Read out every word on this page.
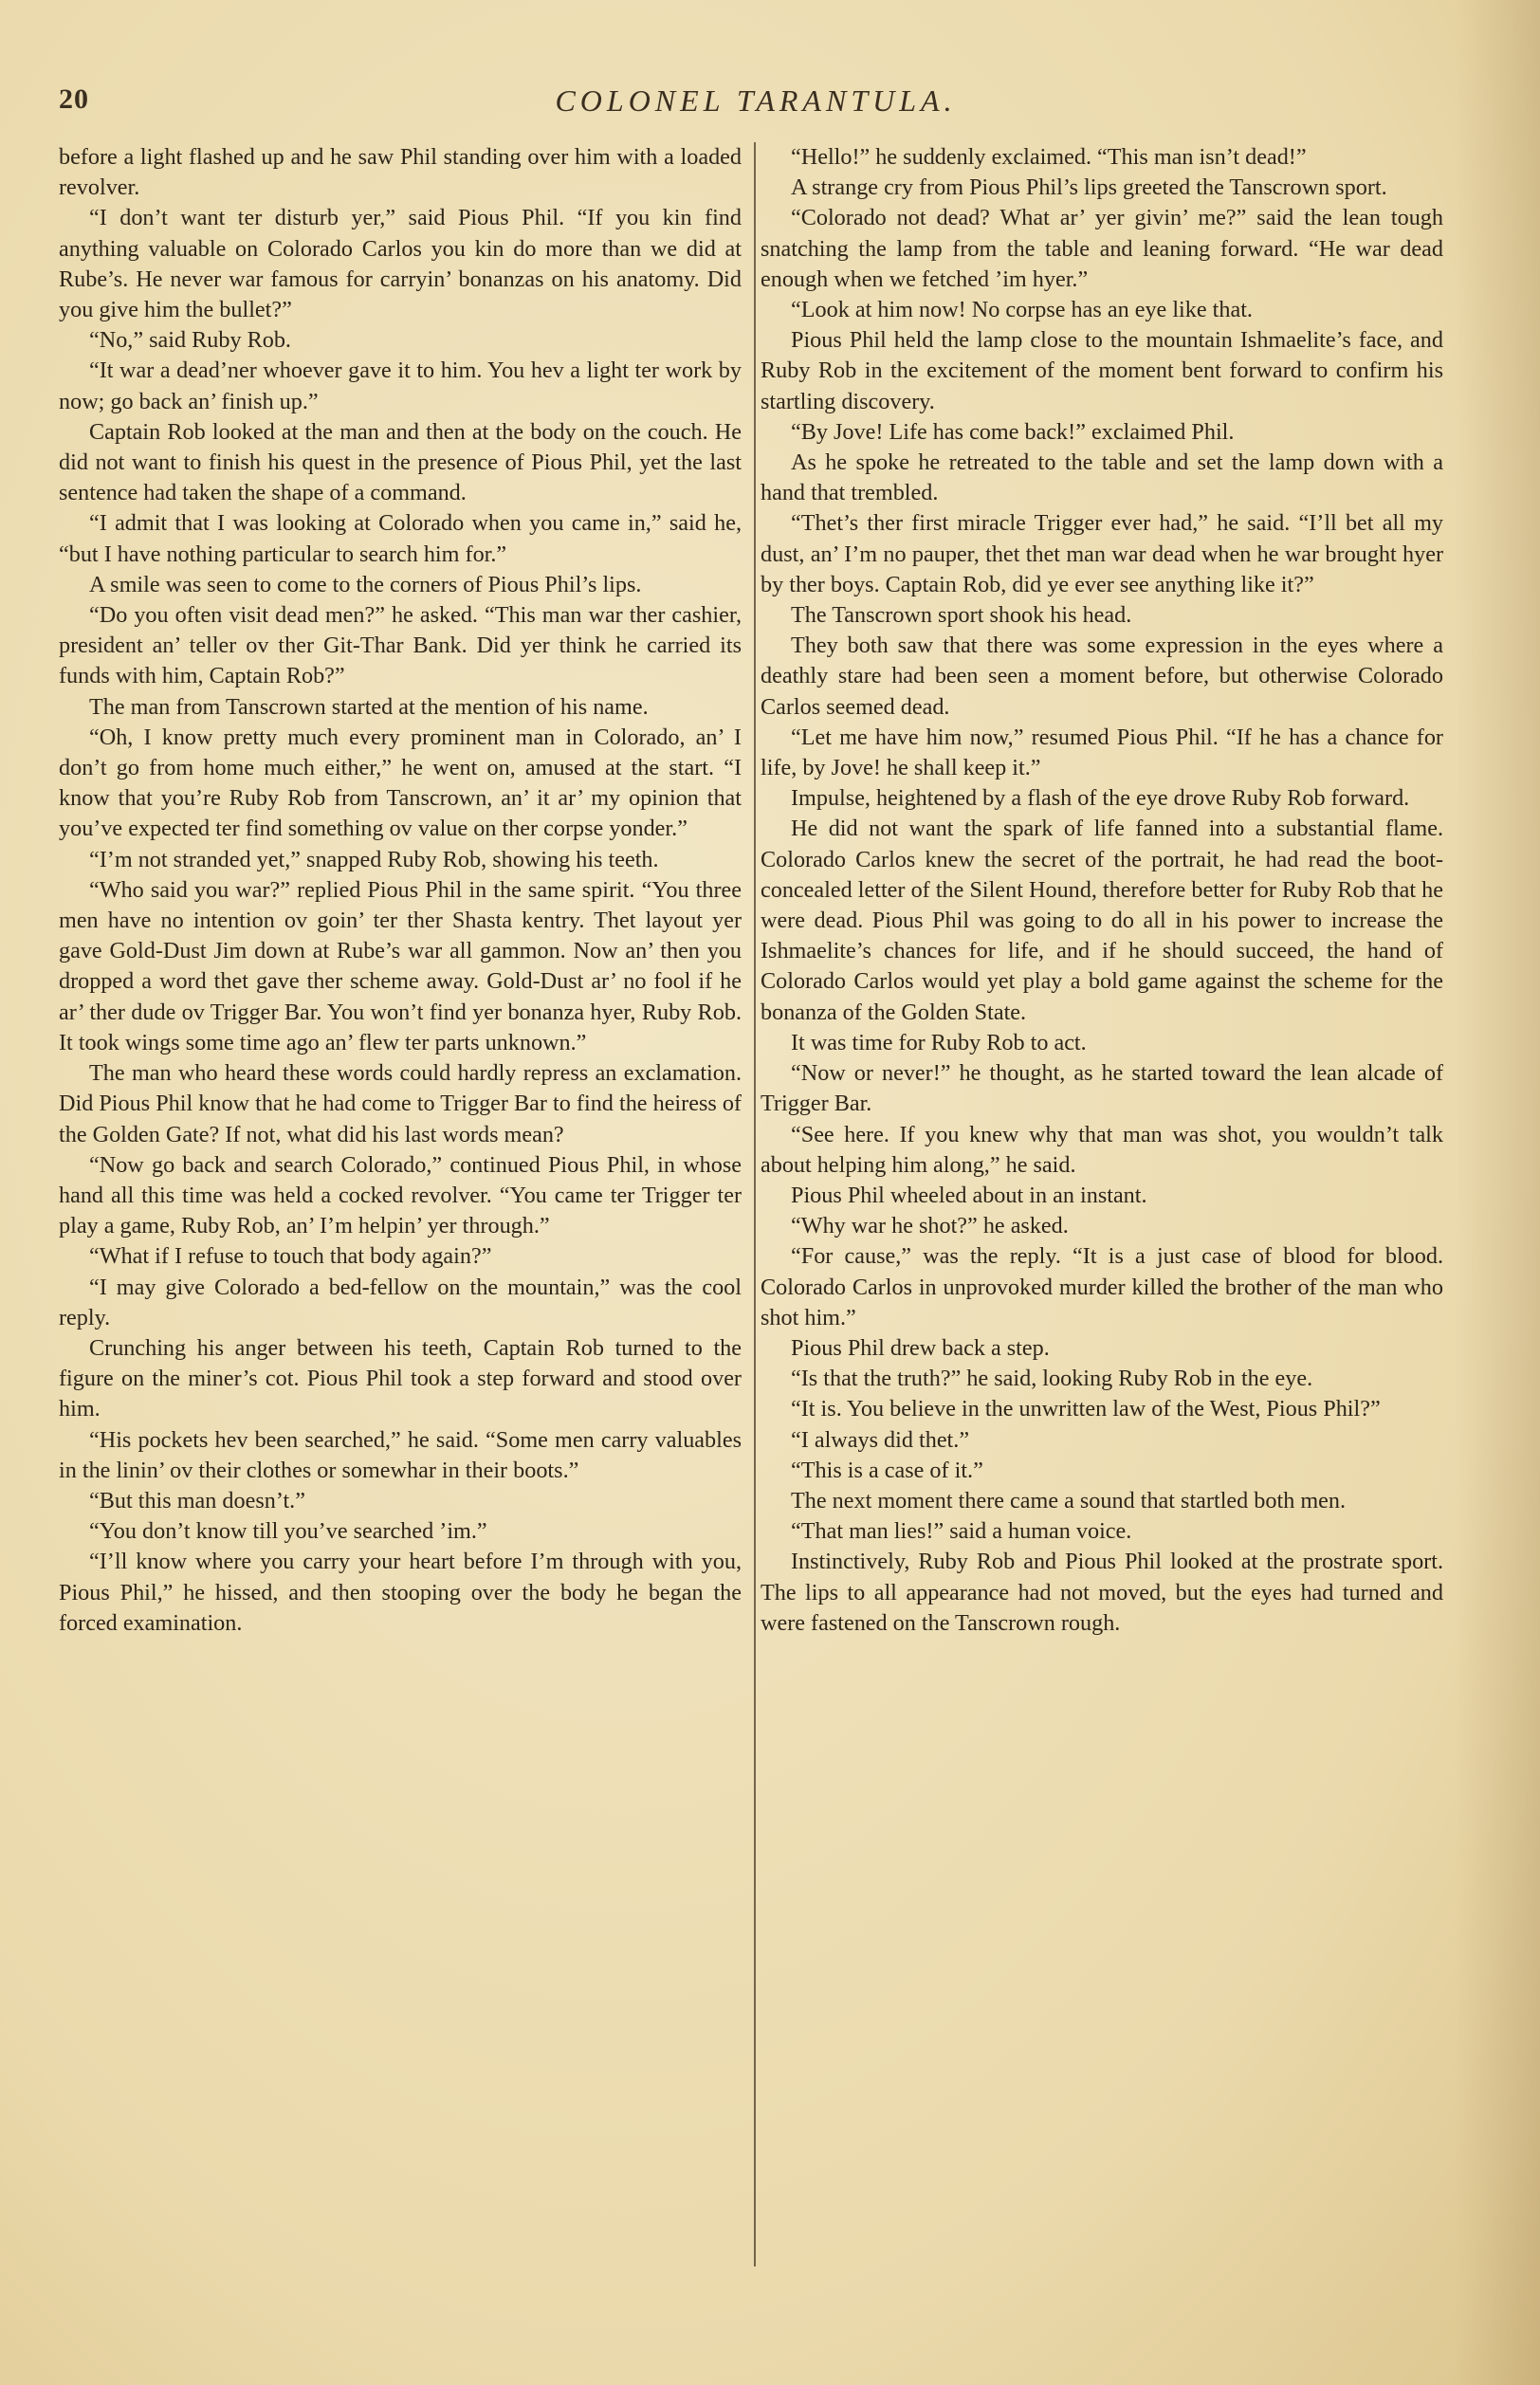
20	COLONEL TARANTULA.

before a light flashed up and he saw Phil standing over him with a loaded revolver.

“I don’t want ter disturb yer,” said Pious Phil. “If you kin find anything valuable on Colorado Carlos you kin do more than we did at Rube’s. He never war famous for carryin’ bonanzas on his anatomy. Did you give him the bullet?”

“No,” said Ruby Rob.

“It war a dead’ner whoever gave it to him. You hev a light ter work by now; go back an’ finish up.”

Captain Rob looked at the man and then at the body on the couch. He did not want to finish his quest in the presence of Pious Phil, yet the last sentence had taken the shape of a command.

“I admit that I was looking at Colorado when you came in,” said he, “but I have nothing particular to search him for.”

A smile was seen to come to the corners of Pious Phil’s lips.

“Do you often visit dead men?” he asked. “This man war ther cashier, president an’ teller ov ther Git-Thar Bank. Did yer think he carried its funds with him, Captain Rob?”

The man from Tanscrown started at the mention of his name.

“Oh, I know pretty much every prominent man in Colorado, an’ I don’t go from home much either,” he went on, amused at the start. “I know that you’re Ruby Rob from Tanscrown, an’ it ar’ my opinion that you’ve expected ter find something ov value on ther corpse yonder.”

“I’m not stranded yet,” snapped Ruby Rob, showing his teeth.

“Who said you war?” replied Pious Phil in the same spirit. “You three men have no intention ov goin’ ter ther Shasta kentry. Thet layout yer gave Gold-Dust Jim down at Rube’s war all gammon. Now an’ then you dropped a word thet gave ther scheme away. Gold-Dust ar’ no fool if he ar’ ther dude ov Trigger Bar. You won’t find yer bonanza hyer, Ruby Rob. It took wings some time ago an’ flew ter parts unknown.”

The man who heard these words could hardly repress an exclamation. Did Pious Phil know that he had come to Trigger Bar to find the heiress of the Golden Gate? If not, what did his last words mean?

“Now go back and search Colorado,” continued Pious Phil, in whose hand all this time was held a cocked revolver. “You came ter Trigger ter play a game, Ruby Rob, an’ I’m helpin’ yer through.”

“What if I refuse to touch that body again?”

“I may give Colorado a bed-fellow on the mountain,” was the cool reply.

Crunching his anger between his teeth, Captain Rob turned to the figure on the miner’s cot. Pious Phil took a step forward and stood over him.

“His pockets hev been searched,” he said. “Some men carry valuables in the linin’ ov their clothes or somewhar in their boots.”

“But this man doesn’t.”

“You don’t know till you’ve searched ’im.”

“I’ll know where you carry your heart before I’m through with you, Pious Phil,” he hissed, and then stooping over the body he began the forced examination.

“Hello!” he suddenly exclaimed. “This man isn’t dead!”

A strange cry from Pious Phil’s lips greeted the Tanscrown sport.

“Colorado not dead? What ar’ yer givin’ me?” said the lean tough snatching the lamp from the table and leaning forward. “He war dead enough when we fetched ’im hyer.”

“Look at him now! No corpse has an eye like that.

Pious Phil held the lamp close to the mountain Ishmaelite’s face, and Ruby Rob in the excitement of the moment bent forward to confirm his startling discovery.

“By Jove! Life has come back!” exclaimed Phil.

As he spoke he retreated to the table and set the lamp down with a hand that trembled.

“Thet’s ther first miracle Trigger ever had,” he said. “I’ll bet all my dust, an’ I’m no pauper, thet thet man war dead when he war brought hyer by ther boys. Captain Rob, did ye ever see anything like it?”

The Tanscrown sport shook his head.

They both saw that there was some expression in the eyes where a deathly stare had been seen a moment before, but otherwise Colorado Carlos seemed dead.

“Let me have him now,” resumed Pious Phil. “If he has a chance for life, by Jove! he shall keep it.”

Impulse, heightened by a flash of the eye drove Ruby Rob forward.

He did not want the spark of life fanned into a substantial flame. Colorado Carlos knew the secret of the portrait, he had read the boot-concealed letter of the Silent Hound, therefore better for Ruby Rob that he were dead. Pious Phil was going to do all in his power to increase the Ishmaelite’s chances for life, and if he should succeed, the hand of Colorado Carlos would yet play a bold game against the scheme for the bonanza of the Golden State.

It was time for Ruby Rob to act.

“Now or never!” he thought, as he started toward the lean alcade of Trigger Bar.

“See here. If you knew why that man was shot, you wouldn’t talk about helping him along,” he said.

Pious Phil wheeled about in an instant.

“Why war he shot?” he asked.

“For cause,” was the reply. “It is a just case of blood for blood. Colorado Carlos in unprovoked murder killed the brother of the man who shot him.”

Pious Phil drew back a step.

“Is that the truth?” he said, looking Ruby Rob in the eye.

“It is. You believe in the unwritten law of the West, Pious Phil?”

“I always did thet.”

“This is a case of it.”

The next moment there came a sound that startled both men.

“That man lies!” said a human voice.

Instinctively, Ruby Rob and Pious Phil looked at the prostrate sport. The lips to all appearance had not moved, but the eyes had turned and were fastened on the Tanscrown rough.
